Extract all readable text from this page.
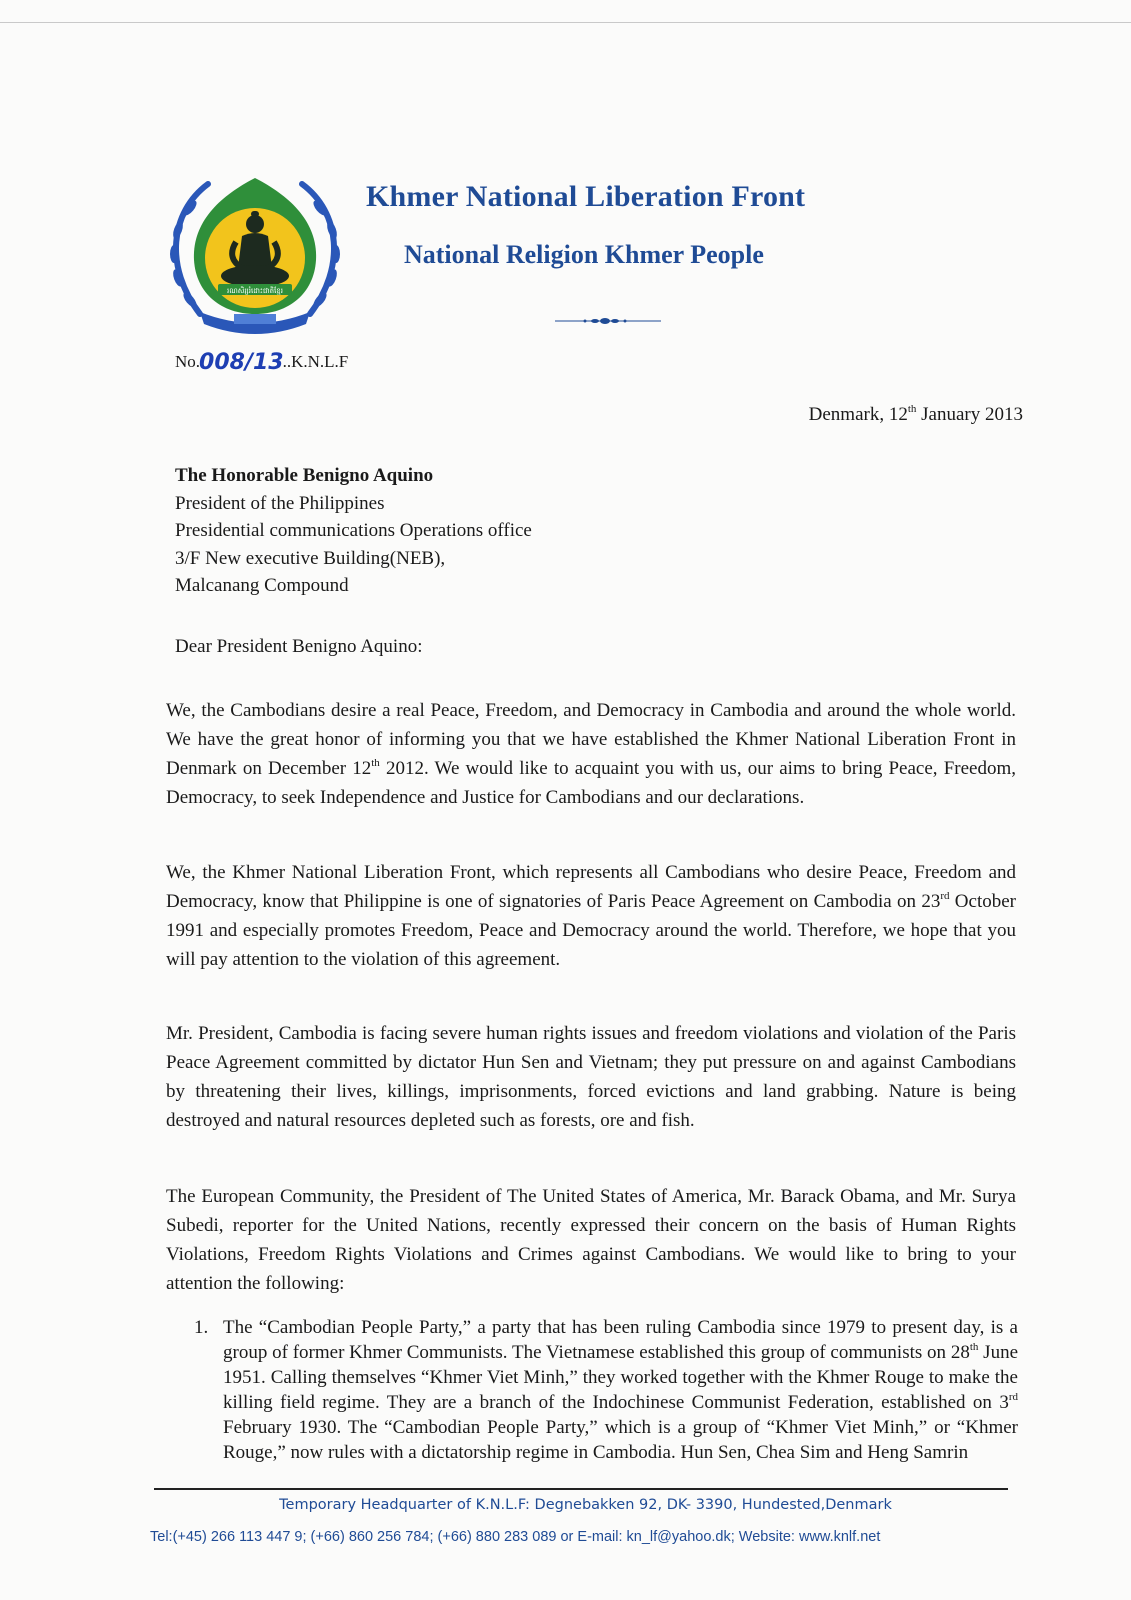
រណសិរ្សរំដោះជាតិខ្មែរ
Khmer National Liberation Front
National Religion Khmer People
No.008/13..K.N.L.F
Denmark, 12th January 2013
The Honorable Benigno Aquino
President of the Philippines
Presidential communications Operations office
3/F New executive Building(NEB),
Malcanang Compound
Dear President Benigno Aquino:

We, the Cambodians desire a real Peace, Freedom, and Democracy in Cambodia and around the whole world. We have the great honor of informing you that we have established the Khmer National Liberation Front in Denmark on December 12th 2012. We would like to acquaint you with us, our aims to bring Peace, Freedom, Democracy, to seek Independence and Justice for Cambodians and our declarations.

We, the Khmer National Liberation Front, which represents all Cambodians who desire Peace, Freedom and Democracy, know that Philippine is one of signatories of Paris Peace Agreement on Cambodia on 23rd October 1991 and especially promotes Freedom, Peace and Democracy around the world. Therefore, we hope that you will pay attention to the violation of this agreement.

Mr. President, Cambodia is facing severe human rights issues and freedom violations and violation of the Paris Peace Agreement committed by dictator Hun Sen and Vietnam; they put pressure on and against Cambodians by threatening their lives, killings, imprisonments, forced evictions and land grabbing. Nature is being destroyed and natural resources depleted such as forests, ore and fish.

The European Community, the President of The United States of America, Mr. Barack Obama, and Mr. Surya Subedi, reporter for the United Nations, recently expressed their concern on the basis of Human Rights Violations, Freedom Rights Violations and Crimes against Cambodians. We would like to bring to your attention the following:

1. The “Cambodian People Party,” a party that has been ruling Cambodia since 1979 to present day, is a group of former Khmer Communists. The Vietnamese established this group of communists on 28th June 1951. Calling themselves “Khmer Viet Minh,” they worked together with the Khmer Rouge to make the killing field regime. They are a branch of the Indochinese Communist Federation, established on 3rd February 1930. The “Cambodian People Party,” which is a group of “Khmer Viet Minh,” or “Khmer Rouge,” now rules with a dictatorship regime in Cambodia. Hun Sen, Chea Sim and Heng Samrin
Temporary Headquarter of K.N.L.F: Degnebakken 92, DK- 3390, Hundested,Denmark
Tel:(+45) 266 113 447 9; (+66) 860 256 784; (+66) 880 283 089 or E-mail: kn_lf@yahoo.dk; Website: www.knlf.net
